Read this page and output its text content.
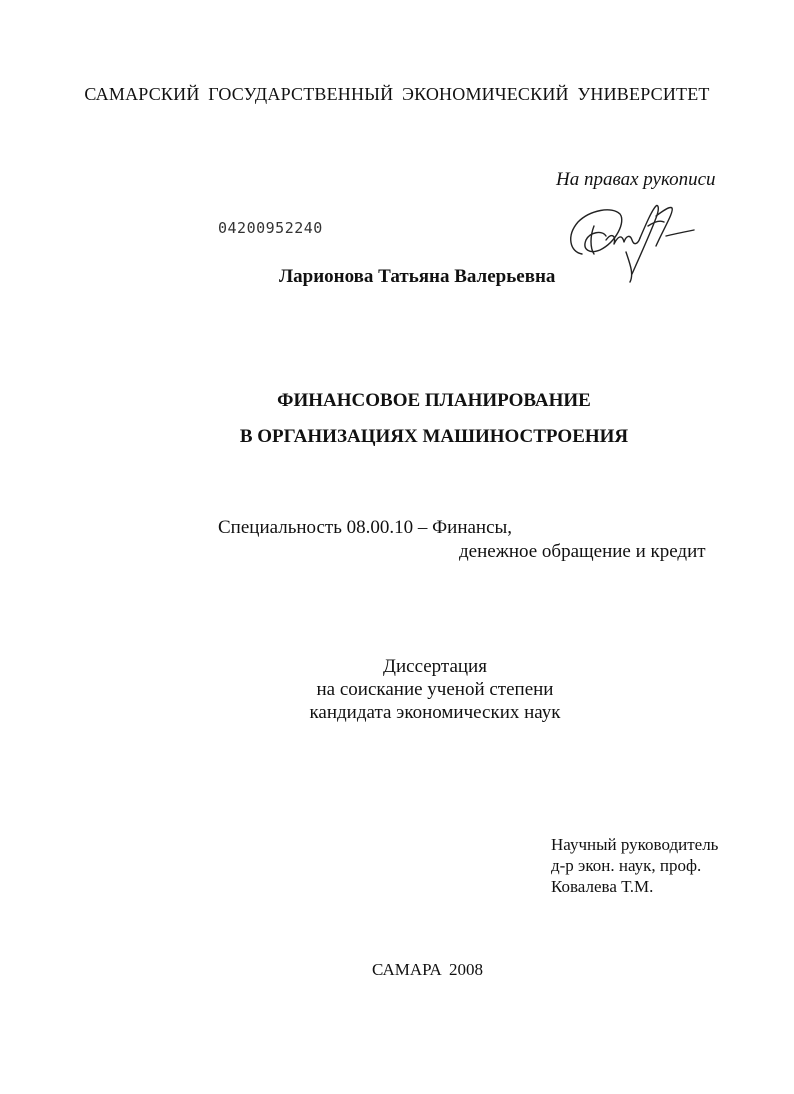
САМАРСКИЙ ГОСУДАРСТВЕННЫЙ ЭКОНОМИЧЕСКИЙ УНИВЕРСИТЕТ
На правах рукописи
04200952240
Ларионова Татьяна Валерьевна
ФИНАНСОВОЕ ПЛАНИРОВАНИЕ
В ОРГАНИЗАЦИЯХ МАШИНОСТРОЕНИЯ
Специальность 08.00.10 – Финансы,
денежное обращение и кредит
Диссертация
на соискание ученой степени
кандидата экономических наук
Научный руководитель
д-р экон. наук, проф.
Ковалева Т.М.
САМАРА 2008
